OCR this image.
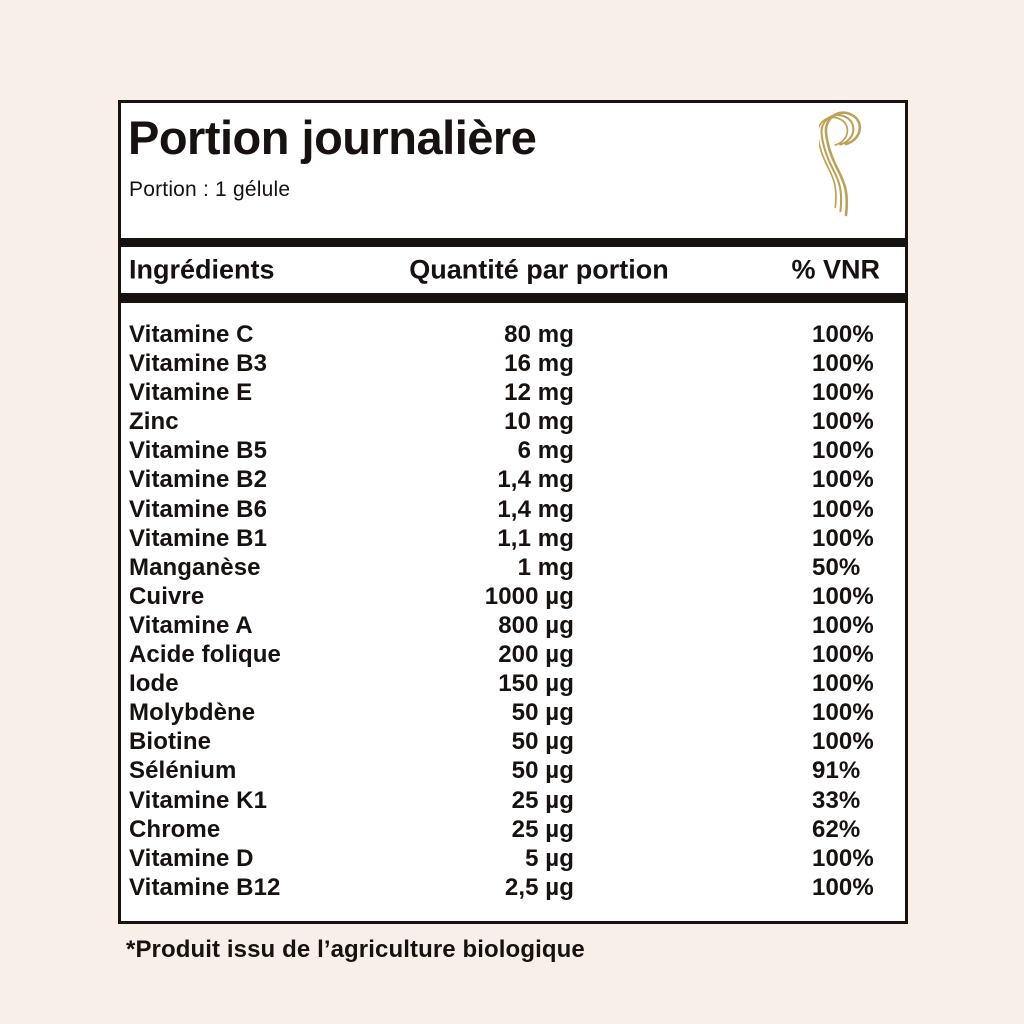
Portion journalière

Portion : 1 gélule

Ingrédients	Quantité par portion	% VNR
Vitamine C	80 mg	100%
Vitamine B3	16 mg	100%
Vitamine E	12 mg	100%
Zinc	10 mg	100%
Vitamine B5	6 mg	100%
Vitamine B2	1,4 mg	100%
Vitamine B6	1,4 mg	100%
Vitamine B1	1,1 mg	100%
Manganèse	1 mg	50%
Cuivre	1000 µg	100%
Vitamine A	800 µg	100%
Acide folique	200 µg	100%
Iode	150 µg	100%
Molybdène	50 µg	100%
Biotine	50 µg	100%
Sélénium	50 µg	91%
Vitamine K1	25 µg	33%
Chrome	25 µg	62%
Vitamine D	5 µg	100%
Vitamine B12	2,5 µg	100%

*Produit issu de l’agriculture biologique
